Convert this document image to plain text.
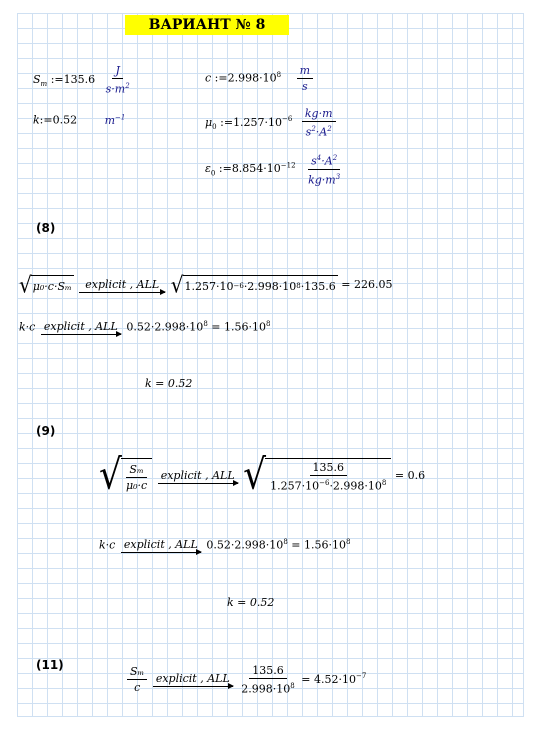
ВАРИАНТ № 8
$S_m$ :=135.6 $\frac{J}{s\cdot m^2}$	c $:=2.998\cdot 10^8 \frac{m}{s}$
k:=0.52	$m^{-1}$	$\mu_0$ $:=1.257\cdot 10^{-6} \frac{kg\cdot m}{s^2\cdot A^2}$
$\varepsilon_0$ $:=8.854\cdot 10^{-12} \frac{s^4\cdot A^2}{kg\cdot m^3}$
(8)
√ μ₀·c·Sₘ
explicit , ALL
√ 1.257·10 −6 ·2.998·10 8 ·135.6 = 226.05
k·c explicit , ALL $0.52\cdot 2.998\cdot 10^8 = 1.56\cdot 10^8$
k = 0.52
(9)
√ $\frac{\text{Sₘ}}{\text{μ₀·c}}$
explicit , ALL
√ $\frac{135.6}{1.257\cdot 10^{-6}\cdot 2.998\cdot 10^8} = 0.6$
k·c explicit , ALL $0.52\cdot 2.998\cdot 10^8 = 1.56\cdot 10^8$
k = 0.52
(11)	$\frac{\text{Sₘ}}{c}$
explicit , ALL
$\frac{135.6}{2.998\cdot 10^8} = 4.52\cdot 10^{-7}$
